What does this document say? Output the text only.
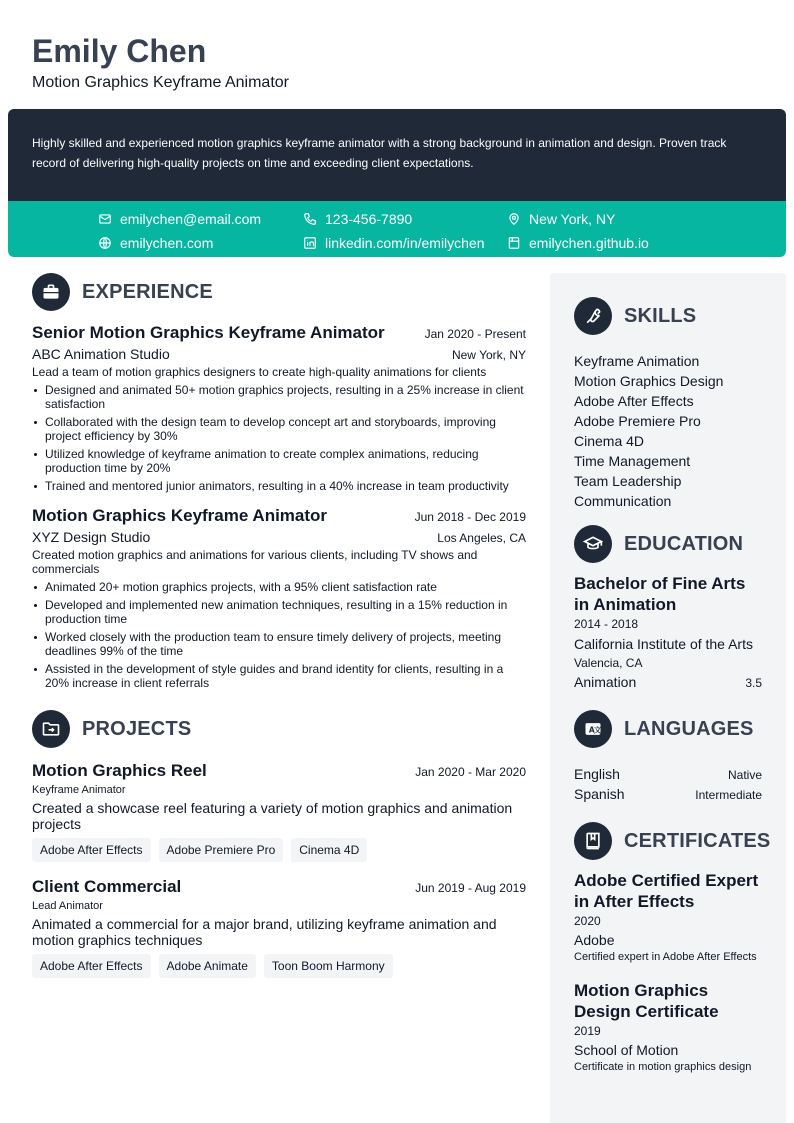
Emily Chen
Motion Graphics Keyframe Animator
Highly skilled and experienced motion graphics keyframe animator with a strong background in animation and design. Proven track record of delivering high-quality projects on time and exceeding client expectations.
emilychen@email.com	123-456-7890	New York, NY
emilychen.com	linkedin.com/in/emilychen	emilychen.github.io
EXPERIENCE
Senior Motion Graphics Keyframe Animator	Jan 2020 - Present
ABC Animation Studio	New York, NY
Lead a team of motion graphics designers to create high-quality animations for clients
Designed and animated 50+ motion graphics projects, resulting in a 25% increase in client satisfaction
Collaborated with the design team to develop concept art and storyboards, improving project efficiency by 30%
Utilized knowledge of keyframe animation to create complex animations, reducing production time by 20%
Trained and mentored junior animators, resulting in a 40% increase in team productivity
Motion Graphics Keyframe Animator	Jun 2018 - Dec 2019
XYZ Design Studio	Los Angeles, CA
Created motion graphics and animations for various clients, including TV shows and commercials
Animated 20+ motion graphics projects, with a 95% client satisfaction rate
Developed and implemented new animation techniques, resulting in a 15% reduction in production time
Worked closely with the production team to ensure timely delivery of projects, meeting deadlines 99% of the time
Assisted in the development of style guides and brand identity for clients, resulting in a 20% increase in client referrals
PROJECTS
Motion Graphics Reel	Jan 2020 - Mar 2020
Keyframe Animator
Created a showcase reel featuring a variety of motion graphics and animation projects
Adobe After Effects	Adobe Premiere Pro	Cinema 4D
Client Commercial	Jun 2019 - Aug 2019
Lead Animator
Animated a commercial for a major brand, utilizing keyframe animation and motion graphics techniques
Adobe After Effects	Adobe Animate	Toon Boom Harmony
SKILLS
Keyframe Animation
Motion Graphics Design
Adobe After Effects
Adobe Premiere Pro
Cinema 4D
Time Management
Team Leadership
Communication
EDUCATION
Bachelor of Fine Arts in Animation
2014 - 2018
California Institute of the Arts
Valencia, CA
Animation	3.5
A 文 LANGUAGES
English	Native
Spanish	Intermediate
CERTIFICATES
Adobe Certified Expert in After Effects
2020
Adobe
Certified expert in Adobe After Effects
Motion Graphics Design Certificate
2019
School of Motion
Certificate in motion graphics design
